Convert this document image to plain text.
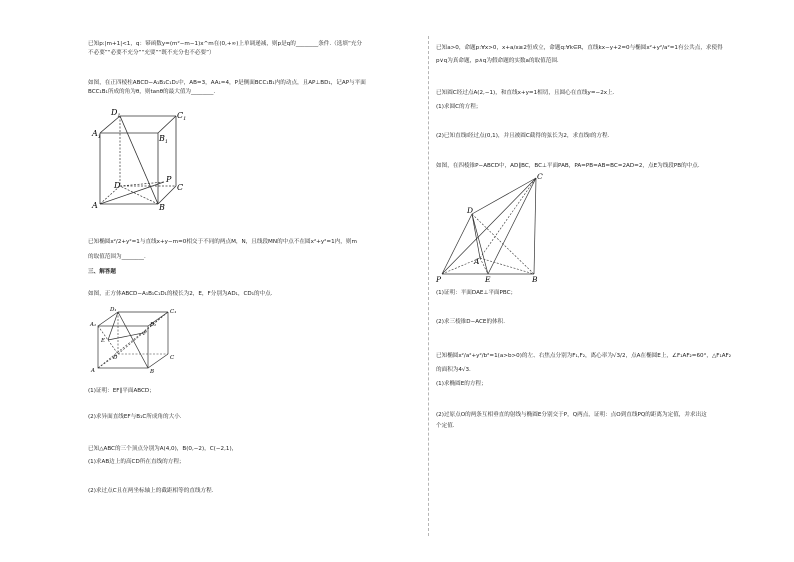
已知p:|m+1|<1，q：幂函数y=(m²−m−1)x^m在(0,+∞)上单调递减，则p是q的________条件.（选填“充分
不必要”“必要不充分”“充要”“既不充分也不必要”）
如图，在正四棱柱ABCD−A₁B₁C₁D₁中，AB=3，AA₁=4，P是侧面BCC₁B₁内的动点，且AP⊥BD₁，记AP与平面
BCC₁B₁所成的角为θ，则tanθ的最大值为________.
$D_1$	$C_1$
$A_1$	$B_1$
D	C
P
A	B
已知椭圆x²/2+y²=1与直线x+y−m=0相交于不同的两点M，N，且线段MN的中点不在圆x²+y²=1内，则m
的取值范围为________.
三、解答题
如图，正方体ABCD−A₁B₁C₁D₁的棱长为2，E，F分别为AD₁，CD₁的中点.
A₁
D₁
B₁
C₁
E
F
A
D
B
C
(1)证明：EF∥平面ABCD；
(2)求异面直线EF与B₁C所成角的大小.
已知△ABC的三个顶点分别为A(4,0)，B(0,−2)，C(−2,1)，
(1)求AB边上的高CD所在直线的方程；
(2)求过点C且在两坐标轴上的截距相等的直线方程.
已知a>0，命题p:∀x>0，x+a/x≥2恒成立，命题q:∀k∈R，直线kx−y+2=0与椭圆x²+y²/a²=1有公共点，求使得
p∨q为真命题，p∧q为假命题的实数a的取值范围.
已知圆C经过点A(2,−1)，和直线x+y=1相切，且圆心在直线y=−2x上.
(1)求圆C的方程；
(2)已知直线l经过点(0,1)，并且被圆C截得的弦长为2，求直线l的方程.
如图，在四棱锥P−ABCD中，AD∥BC，BC⊥平面PAB，PA=PB=AB=BC=2AD=2，点E为线段PB的中点.
C
D
P	E	B
A
(1)证明：平面DAE⊥平面PBC；
(2)求三棱锥D−ACE的体积.
已知椭圆x²/a²+y²/b²=1(a>b>0)的左、右焦点分别为F₁,F₂，离心率为√3/2，点A在椭圆E上，∠F₁AF₂=60°，△F₁AF₂
的面积为4√3.
(1)求椭圆E的方程；
(2)过原点O的两条互相垂直的射线与椭圆E分别交于P，Q两点，证明：点O到直线PQ的距离为定值，并求出这
个定值.
